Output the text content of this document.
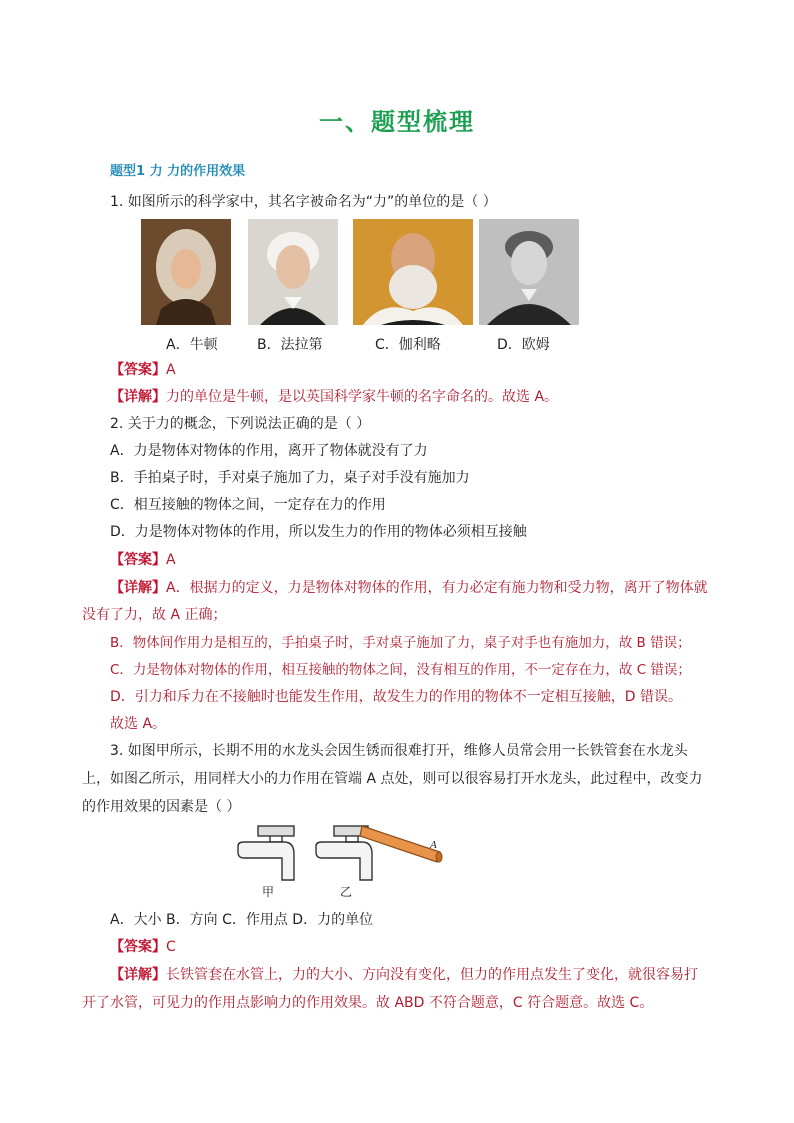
一、题型梳理
题型1 力 力的作用效果
1. 如图所示的科学家中，其名字被命名为“力”的单位的是（ ）
A．牛顿	B．法拉第	C．伽利略	D．欧姆
【答案】A
【详解】力的单位是牛顿，是以英国科学家牛顿的名字命名的。故选 A。
2. 关于力的概念，下列说法正确的是（ ）
A．力是物体对物体的作用，离开了物体就没有了力
B．手拍桌子时，手对桌子施加了力，桌子对手没有施加力
C．相互接触的物体之间，一定存在力的作用
D．力是物体对物体的作用，所以发生力的作用的物体必须相互接触
【答案】A
【详解】A．根据力的定义，力是物体对物体的作用，有力必定有施力物和受力物，离开了物体就
没有了力，故 A 正确；
B．物体间作用力是相互的，手拍桌子时，手对桌子施加了力，桌子对手也有施加力，故 B 错误；
C．力是物体对物体的作用，相互接触的物体之间，没有相互的作用，不一定存在力，故 C 错误；
D．引力和斥力在不接触时也能发生作用，故发生力的作用的物体不一定相互接触，D 错误。
故选 A。
3. 如图甲所示，长期不用的水龙头会因生锈而很难打开，维修人员常会用一长铁管套在水龙头
上，如图乙所示，用同样大小的力作用在管端 A 点处，则可以很容易打开水龙头，此过程中，改变力
的作用效果的因素是（ ）
A
甲	乙
A．大小 B．方向 C．作用点 D．力的单位
【答案】C
【详解】长铁管套在水管上，力的大小、方向没有变化，但力的作用点发生了变化，就很容易打
开了水管，可见力的作用点影响力的作用效果。故 ABD 不符合题意，C 符合题意。故选 C。
